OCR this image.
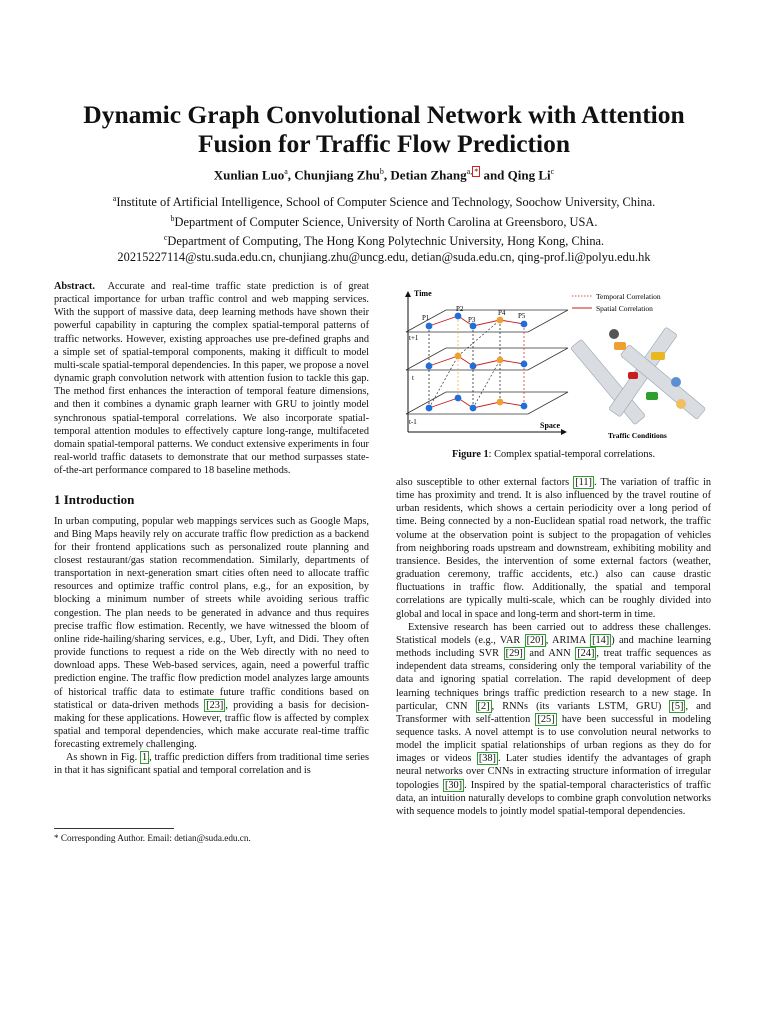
Dynamic Graph Convolutional Network with Attention
Fusion for Traffic Flow Prediction
Xunlian Luo$^a$, Chunjiang Zhu$^b$, Detian Zhang$^{a, *}$ and Qing Li$^c$
$^a$Institute of Artificial Intelligence, School of Computer Science and Technology, Soochow University, China.
$^b$Department of Computer Science, University of North Carolina at Greensboro, USA.
$^c$Department of Computing, The Hong Kong Polytechnic University, Hong Kong, China.
20215227114@stu.suda.edu.cn, chunjiang.zhu@uncg.edu, detian@suda.edu.cn, qing-prof.li@polyu.edu.hk

Abstract. Accurate and real-time traffic state prediction is of great practical importance for urban traffic control and web mapping services. With the support of massive data, deep learning methods have shown their powerful capability in capturing the complex spatial-temporal patterns of traffic networks. However, existing approaches use pre-defined graphs and a simple set of spatial-temporal components, making it difficult to model multi-scale spatial-temporal dependencies. In this paper, we propose a novel dynamic graph convolution network with attention fusion to tackle this gap. The method first enhances the interaction of temporal feature dimensions, and then it combines a dynamic graph learner with GRU to jointly model synchronous spatial-temporal correlations. We also incorporate spatial-temporal attention modules to effectively capture long-range, multifaceted domain spatial-temporal patterns. We conduct extensive experiments in four real-world traffic datasets to demonstrate that our method surpasses state-of-the-art performance compared to 18 baseline methods.

1 Introduction

In urban computing, popular web mappings services such as Google Maps, and Bing Maps heavily rely on accurate traffic flow prediction as a backend for their frontend applications such as personalized route planning and closest restaurant/gas station recommendation. Similarly, departments of transportation in next-generation smart cities often need to allocate traffic resources and optimize traffic control plans, e.g., for an exposition, by blocking a minimum number of streets while avoiding serious traffic congestion. The plan needs to be generated in advance and thus requires precise traffic flow estimation. Recently, we have witnessed the bloom of online ride-hailing/sharing services, e.g., Uber, Lyft, and Didi. They often provide functions to request a ride on the Web directly with no need to download apps. These Web-based services, again, need a powerful traffic prediction engine. The traffic flow prediction model analyzes large amounts of historical traffic data to estimate future traffic conditions based on statistical or data-driven methods [23] , providing a basis for decision-making for these applications. However, traffic flow is affected by complex spatial and temporal dependencies, which make accurate real-time traffic forecasting extremely challenging.

As shown in Fig. 1 , traffic prediction differs from traditional time series in that it has significant spatial and temporal correlation and is

* Corresponding Author. Email: detian@suda.edu.cn.
Time
Space
t+1
t
t-1
P1
P2
P3
P4 P5
Temporal Correlation
Spatial Correlation
Traffic Conditions
Figure 1: Complex spatial-temporal correlations.

also susceptible to other external factors [11] . The variation of traffic in time has proximity and trend. It is also influenced by the travel routine of urban residents, which shows a certain periodicity over a long period of time. Being connected by a non-Euclidean spatial road network, the traffic volume at the observation point is subject to the propagation of vehicles from neighboring roads upstream and downstream, exhibiting mobility and transience. Besides, the intervention of some external factors (weather, graduation ceremony, traffic accidents, etc.) also can cause drastic fluctuations in traffic flow. Additionally, the spatial and temporal correlations are typically multi-scale, which can be roughly divided into global and local in space and long-term and short-term in time.

Extensive research has been carried out to address these challenges. Statistical models (e.g., VAR [20] , ARIMA [14] ) and machine learning methods including SVR [29] and ANN [24] , treat traffic sequences as independent data streams, considering only the temporal variability of the data and ignoring spatial correlation. The rapid development of deep learning techniques brings traffic prediction research to a new stage. In particular, CNN [2] , RNNs (its variants LSTM, GRU) [5] , and Transformer with self-attention [25] have been successful in modeling sequence tasks. A novel attempt is to use convolution neural networks to model the implicit spatial relationships of urban regions as they do for images or videos [38] . Later studies identify the advantages of graph neural networks over CNNs in extracting structure information of irregular topologies [30] . Inspired by the spatial-temporal characteristics of traffic data, an intuition naturally develops to combine graph convolution networks with sequence models to jointly model spatial-temporal dependencies.
